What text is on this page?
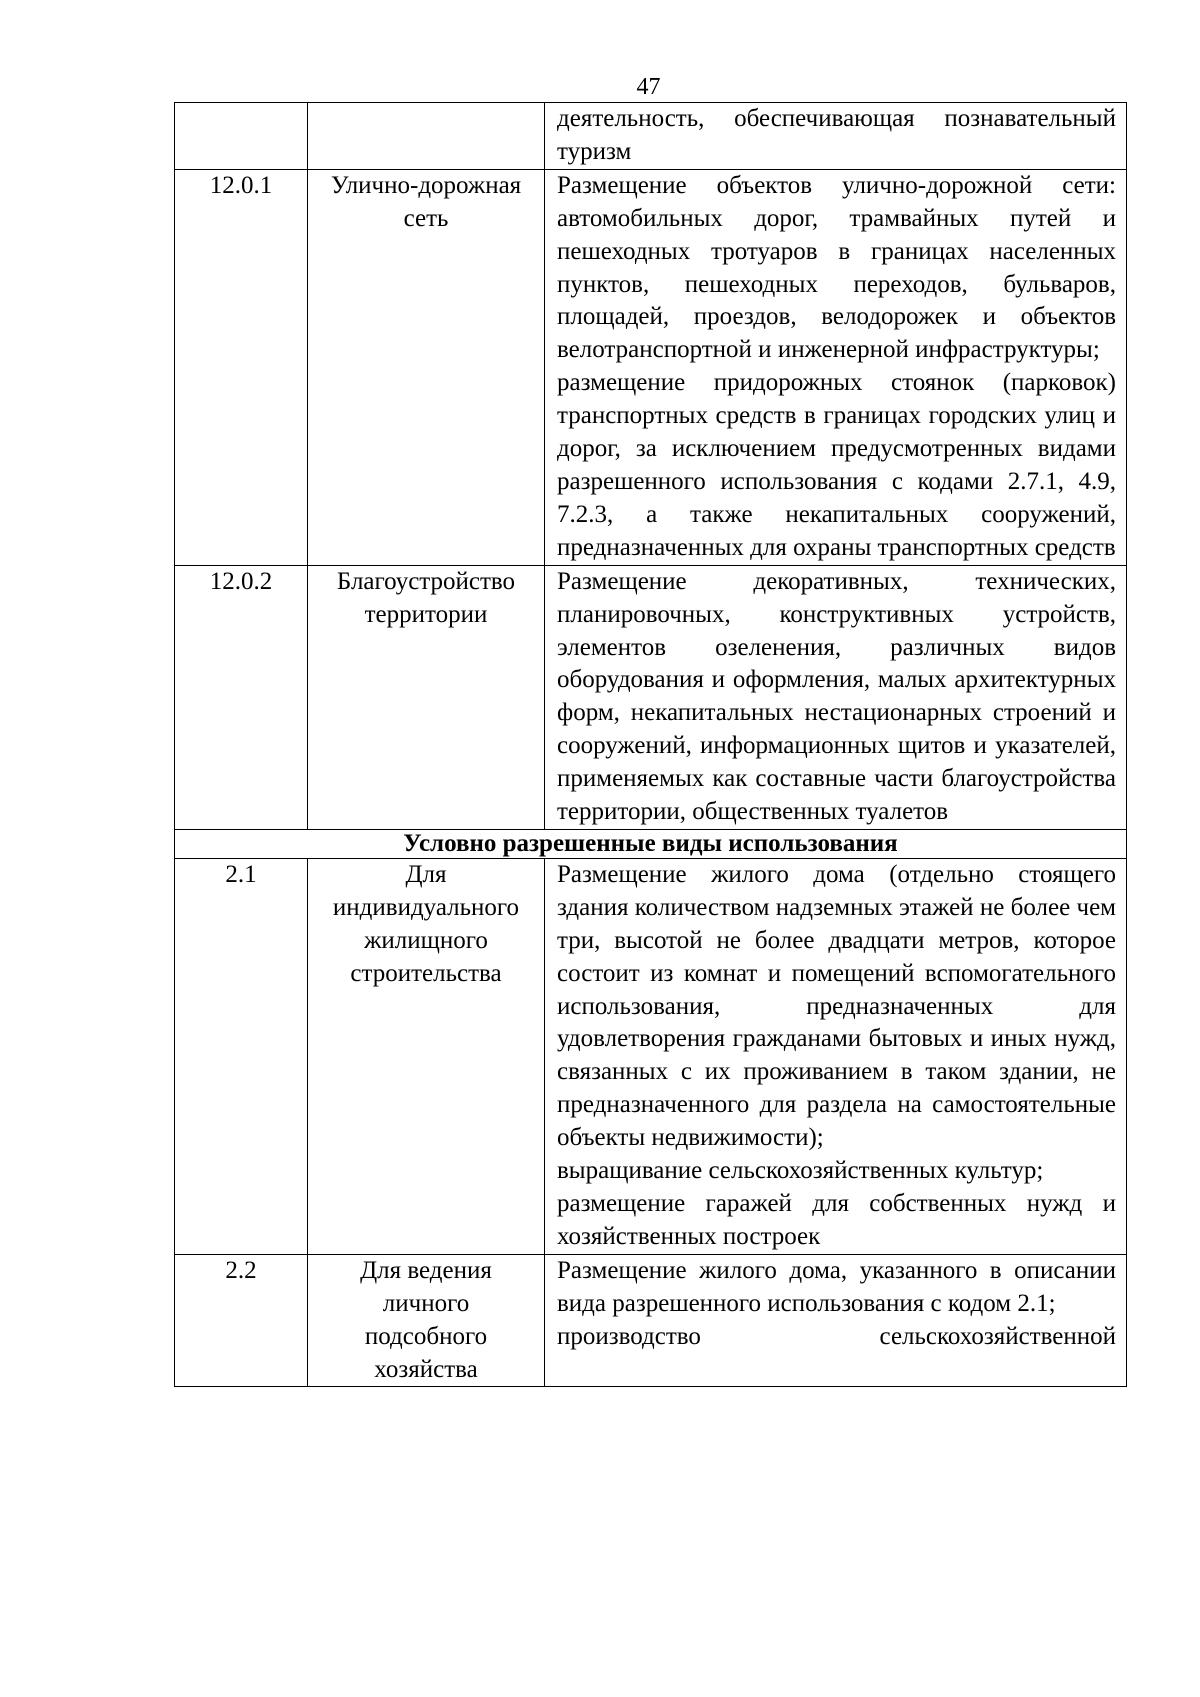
47

		деятельность, обеспечивающая познавательный туризм

12.0.1	Улично-дорожная сеть	Размещение объектов улично-дорожной сети: автомобильных дорог, трамвайных путей и пешеходных тротуаров в границах населенных пунктов, пешеходных переходов, бульваров, площадей, проездов, велодорожек и объектов велотранспортной и инженерной инфраструктуры;
размещение придорожных стоянок (парковок) транспортных средств в границах городских улиц и дорог, за исключением предусмотренных видами разрешенного использования с кодами 2.7.1, 4.9, 7.2.3, а также некапитальных сооружений, предназначенных для охраны транспортных средств

12.0.2	Благоустройство территории	Размещение декоративных, технических, планировочных, конструктивных устройств, элементов озеленения, различных видов оборудования и оформления, малых архитектурных форм, некапитальных нестационарных строений и сооружений, информационных щитов и указателей, применяемых как составные части благоустройства территории, общественных туалетов

Условно разрешенные виды использования		
2.1	Для индивидуального жилищного строительства	Размещение жилого дома (отдельно стоящего здания количеством надземных этажей не более чем три, высотой не более двадцати метров, которое состоит из комнат и помещений вспомогательного использования, предназначенных для удовлетворения гражданами бытовых и иных нужд, связанных с их проживанием в таком здании, не предназначенного для раздела на самостоятельные объекты недвижимости);
выращивание сельскохозяйственных культур;
размещение гаражей для собственных нужд и хозяйственных построек

2.2	Для ведения личного подсобного хозяйства	Размещение жилого дома, указанного в описании вида разрешенного использования с кодом 2.1;
производство сельскохозяйственной
